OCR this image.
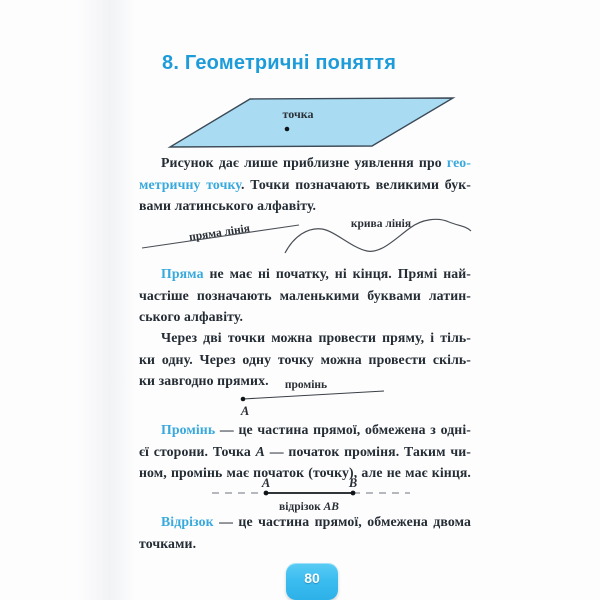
8. Геометричні поняття
точка
Рисунок дає лише приблизне уявлення про гео-
метричну точку. Точки позначають великими бук-
вами латинського алфавіту.
пряма лінія	крива лінія
Пряма не має ні початку, ні кінця. Прямі най-
частіше позначають маленькими буквами латин-
ського алфавіту.
Через дві точки можна провести пряму, і тіль-
ки одну. Через одну точку можна провести скіль-
ки завгодно прямих.	промінь
A
Промінь — це частина прямої, обмежена з одні-
єї сторони. Точка A — початок проміня. Таким чи-
ном, промінь має початок (точку), але не має кінця.
A	B
відрізок AB
Відрізок — це частина прямої, обмежена двома
точками.
80
